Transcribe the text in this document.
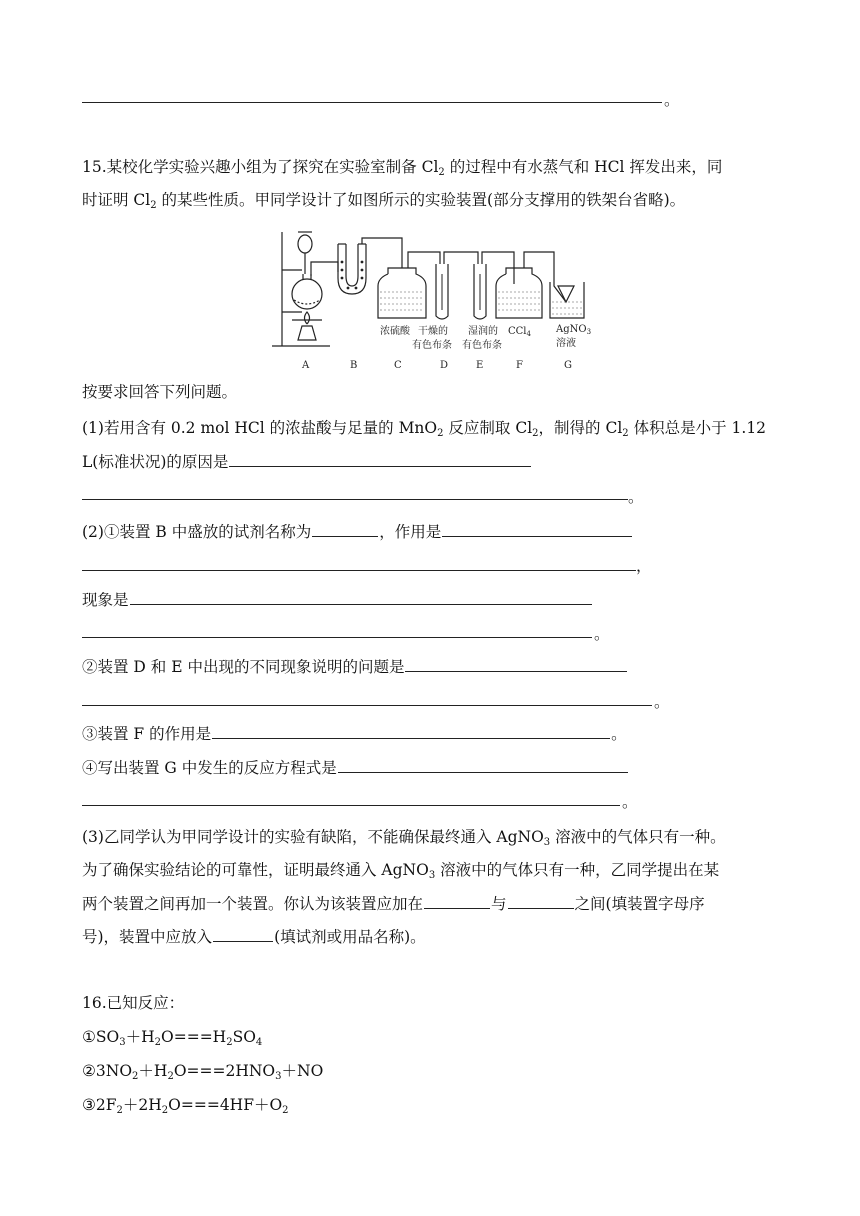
。
15.某校化学实验兴趣小组为了探究在实验室制备 $Cl_2$ 的过程中有水蒸气和 HCl 挥发出来，同
时证明 $Cl_2$ 的某些性质。甲同学设计了如图所示的实验装置(部分支撑用的铁架台省略)。
浓硫酸 干燥的
有色布条
湿润的
有色布条
CCl$_4$	AgNO$_3$
溶液
A	B	C	D	E	F	G
按要求回答下列问题。
(1)若用含有 0.2 mol HCl 的浓盐酸与足量的 MnO$_2$ 反应制取 $Cl_2$，制得的 $Cl_2$ 体积总是小于 1.12
L(标准状况)的原因是
。
(2)①装置 B 中盛放的试剂名称为	，作用是
，
现象是
。
②装置 D 和 E 中出现的不同现象说明的问题是
。
③装置 F 的作用是	。
④写出装置 G 中发生的反应方程式是
。
(3)乙同学认为甲同学设计的实验有缺陷，不能确保最终通入 AgNO$_3$ 溶液中的气体只有一种。
为了确保实验结论的可靠性，证明最终通入 AgNO$_3$ 溶液中的气体只有一种，乙同学提出在某
两个装置之间再加一个装置。你认为该装置应加在	与	之间(填装置字母序
号)，装置中应放入	(填试剂或用品名称)。
16.已知反应：
$①SO_3+H_2O===H_2SO_4$
$②3NO_2+H_2O===2HNO_3+NO$
$③2F_2+2H_2O===4HF+O_2$
